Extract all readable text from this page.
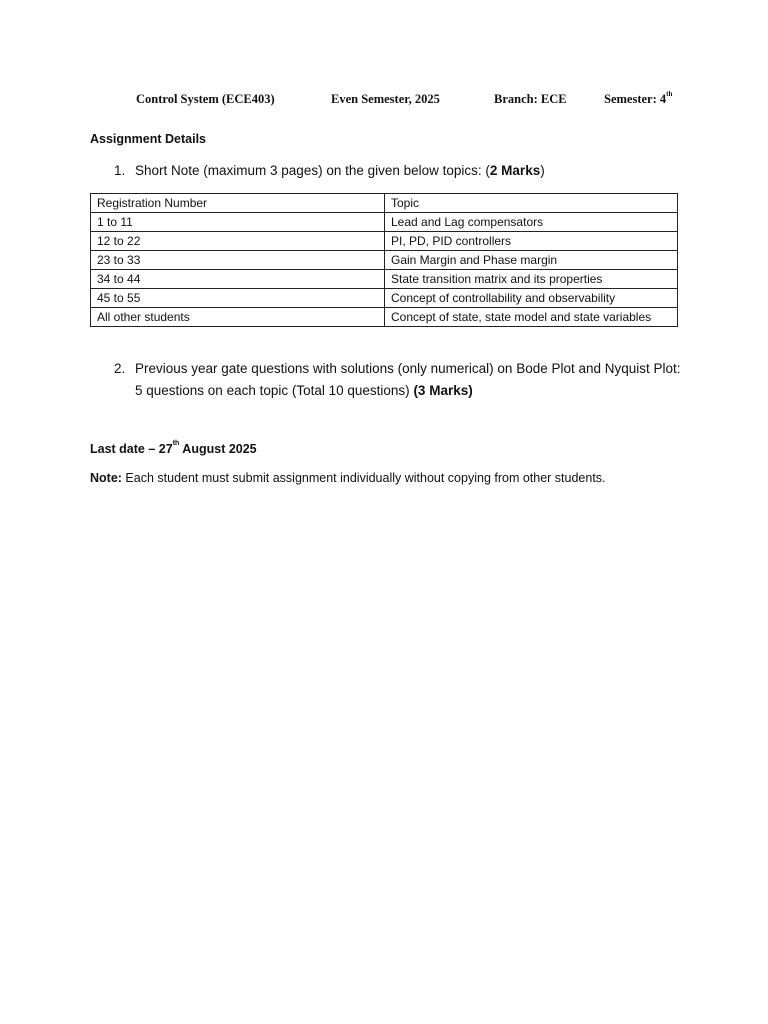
Control System (ECE403)	Even Semester, 2025	Branch: ECE	Semester: 4th
Assignment Details
1. Short Note (maximum 3 pages) on the given below topics: (2 Marks)
Registration Number	Topic
1 to 11	Lead and Lag compensators
12 to 22	PI, PD, PID controllers
23 to 33	Gain Margin and Phase margin
34 to 44	State transition matrix and its properties
45 to 55	Concept of controllability and observability
All other students	Concept of state, state model and state variables
2. Previous year gate questions with solutions (only numerical) on Bode Plot and Nyquist Plot: 5 questions on each topic (Total 10 questions) (3 Marks)
Last date – 27th August 2025
Note: Each student must submit assignment individually without copying from other students.
